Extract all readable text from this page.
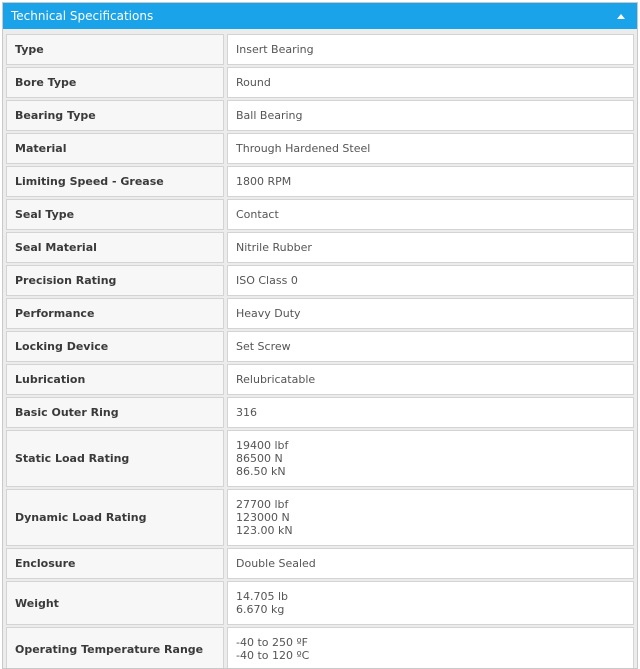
Technical Specifications
Type	Insert Bearing

Bore Type	Round

Bearing Type	Ball Bearing

Material	Through Hardened Steel

Limiting Speed - Grease	1800 RPM

Seal Type	Contact

Seal Material	Nitrile Rubber

Precision Rating	ISO Class 0

Performance	Heavy Duty

Locking Device	Set Screw

Lubrication	Relubricatable

Basic Outer Ring	316

Static Load Rating	19400 lbf
86500 N
86.50 kN

Dynamic Load Rating	27700 lbf
123000 N
123.00 kN

Enclosure	Double Sealed

Weight	14.705 lb
6.670 kg

Operating Temperature Range	-40 to 250 ºF
-40 to 120 ºC
